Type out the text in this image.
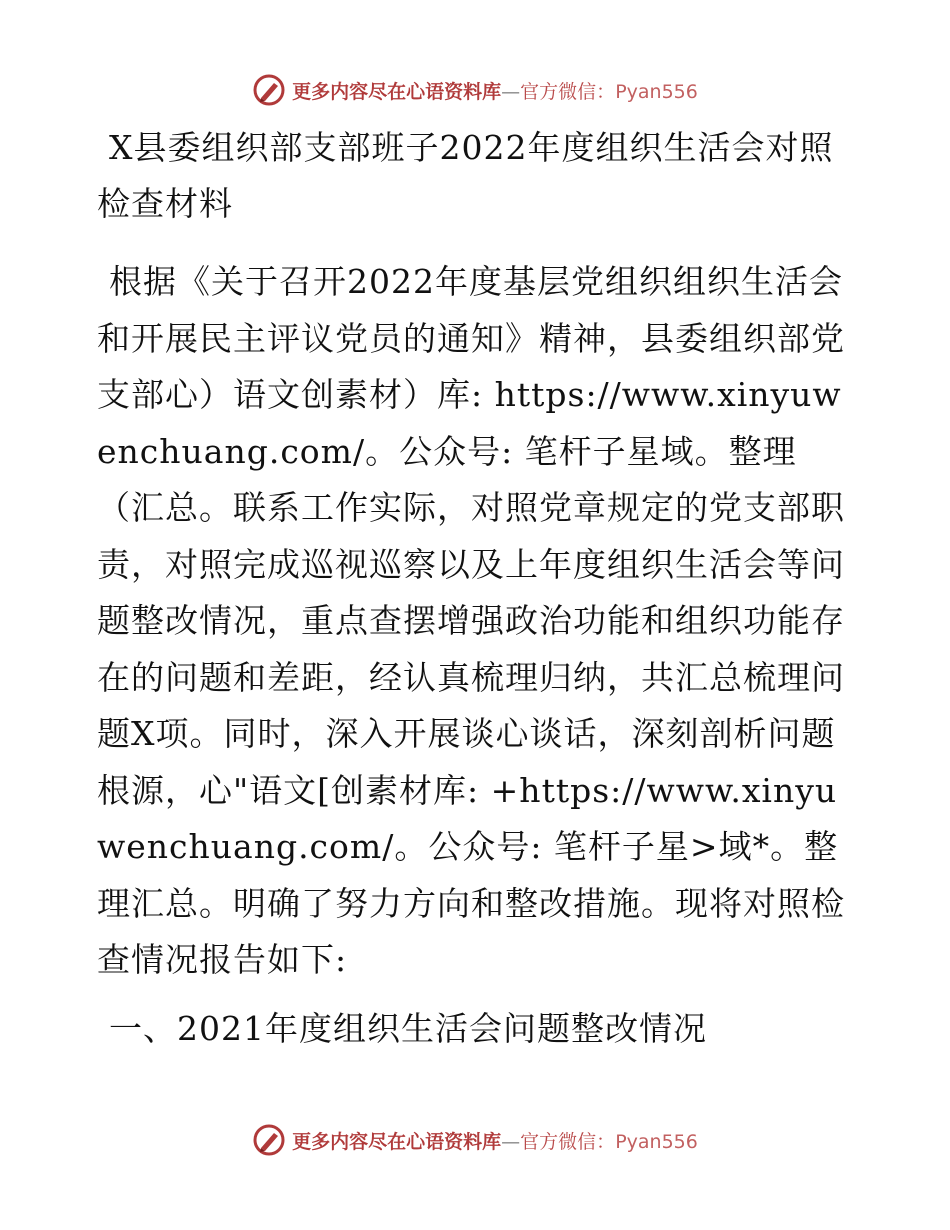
更多内容尽在心语资料库—官方微信：Pyan556
X县委组织部支部班子2022年度组织生活会对照检查材料

根据《关于召开2022年度基层党组织组织生活会和开展民主评议党员的通知》精神，县委组织部党支部心）语文创素材）库: https://www.xinyuwenchuang.com/。公众号: 笔杆子星域。整理（汇总。联系工作实际，对照党章规定的党支部职责，对照完成巡视巡察以及上年度组织生活会等问题整改情况，重点查摆增强政治功能和组织功能存在的问题和差距，经认真梳理归纳，共汇总梳理问题X项。同时，深入开展谈心谈话，深刻剖析问题根源，心"语文[创素材库: +https://www.xinyuwenchuang.com/。公众号: 笔杆子星>域*。整理汇总。明确了努力方向和整改措施。现将对照检查情况报告如下:

一、2021年度组织生活会问题整改情况
更多内容尽在心语资料库—官方微信：Pyan556
